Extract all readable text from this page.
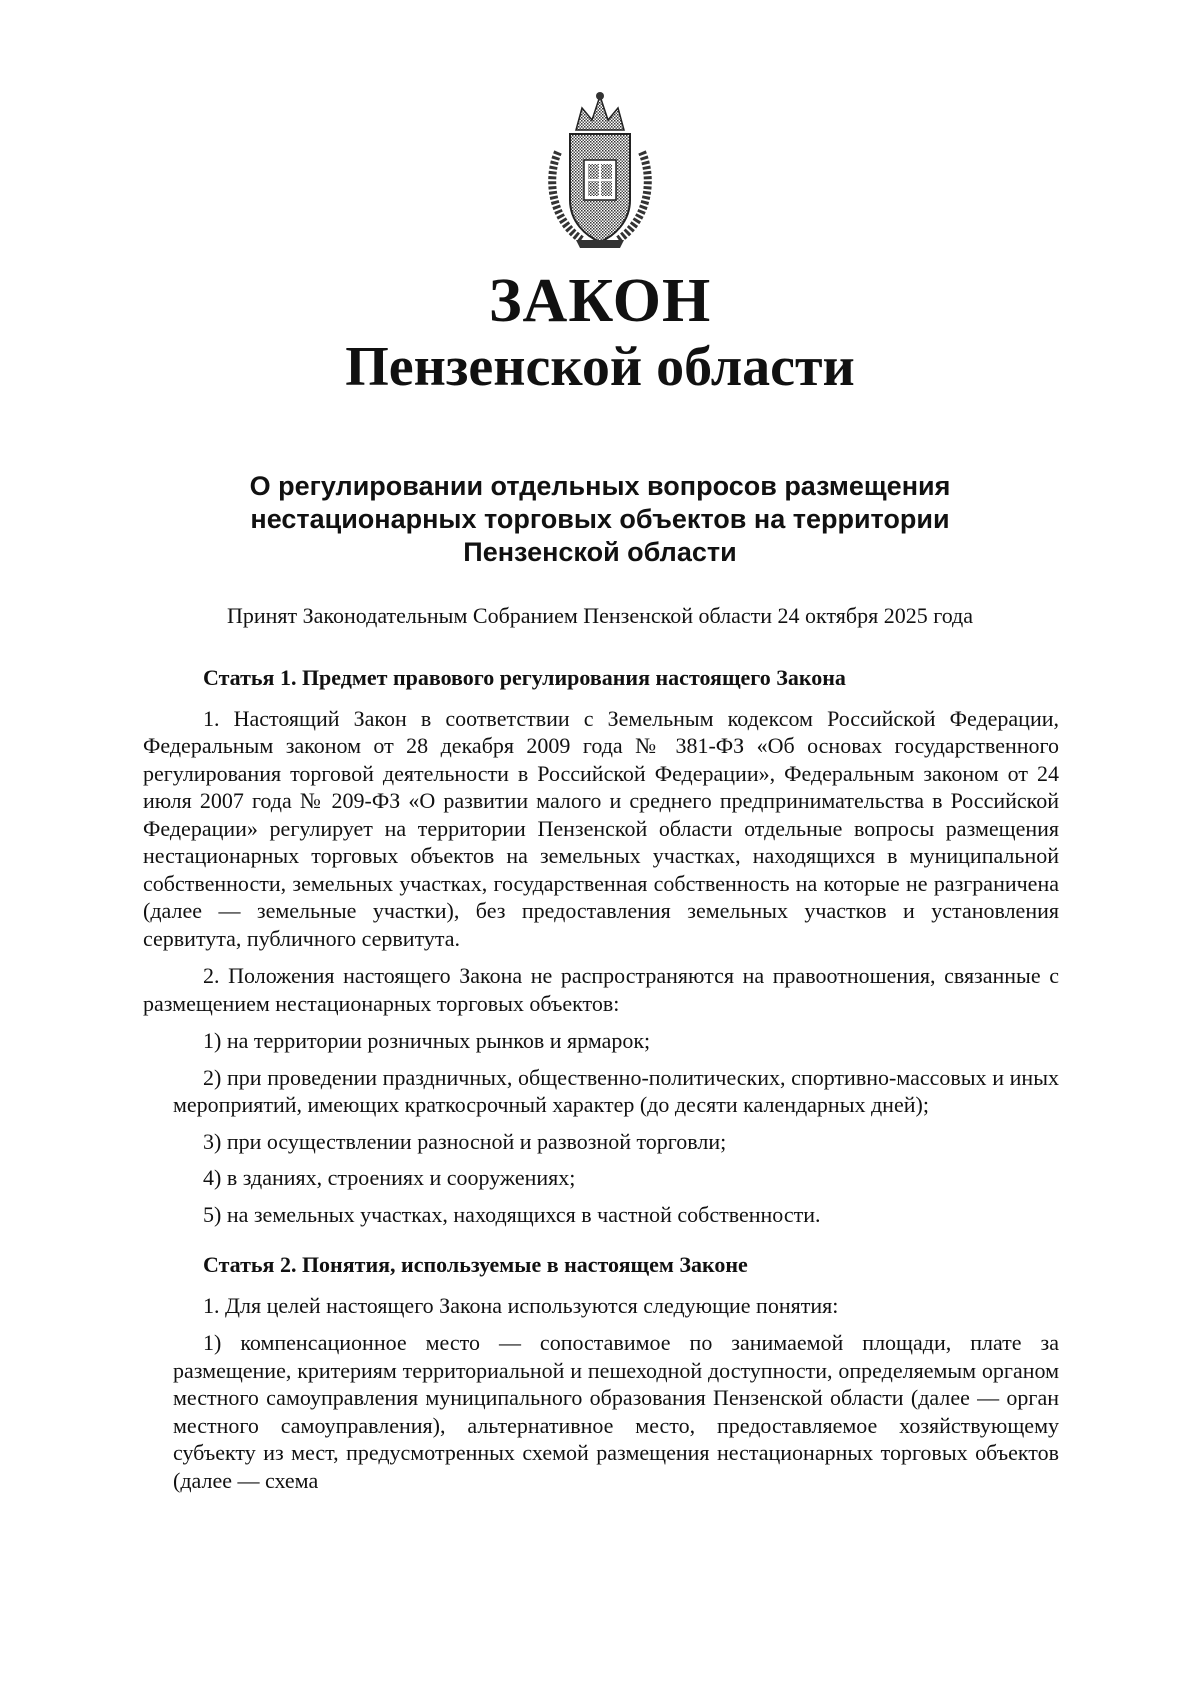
ЗАКОН
Пензенской области
О регулировании отдельных вопросов размещения
нестационарных торговых объектов на территории
Пензенской области
Принят Законодательным Собранием Пензенской области 24 октября 2025 года

Статья 1. Предмет правового регулирования настоящего Закона

1. Настоящий Закон в соответствии с Земельным кодексом Российской Федерации, Федеральным законом от 28 декабря 2009 года № 381-ФЗ «Об основах государственного регулирования торговой деятельности в Российской Федерации», Федеральным законом от 24 июля 2007 года № 209-ФЗ «О развитии малого и среднего предпринимательства в Российской Федерации» регулирует на территории Пензенской области отдельные вопросы размещения нестационарных торговых объектов на земельных участках, находящихся в муниципальной собственности, земельных участках, государственная собственность на которые не разграничена (далее — земельные участки), без предоставления земельных участков и установления сервитута, публичного сервитута.

2. Положения настоящего Закона не распространяются на правоотношения, связанные с размещением нестационарных торговых объектов:

1) на территории розничных рынков и ярмарок;

2) при проведении праздничных, общественно-политических, спортивно-массовых и иных мероприятий, имеющих краткосрочный характер (до десяти календарных дней);

3) при осуществлении разносной и развозной торговли;

4) в зданиях, строениях и сооружениях;

5) на земельных участках, находящихся в частной собственности.

Статья 2. Понятия, используемые в настоящем Законе

1. Для целей настоящего Закона используются следующие понятия:

1) компенсационное место — сопоставимое по занимаемой площади, плате за размещение, критериям территориальной и пешеходной доступности, определяемым органом местного самоуправления муниципального образования Пензенской области (далее — орган местного самоуправления), альтернативное место, предоставляемое хозяйствующему субъекту из мест, предусмотренных схемой размещения нестационарных торговых объектов (далее — схема
